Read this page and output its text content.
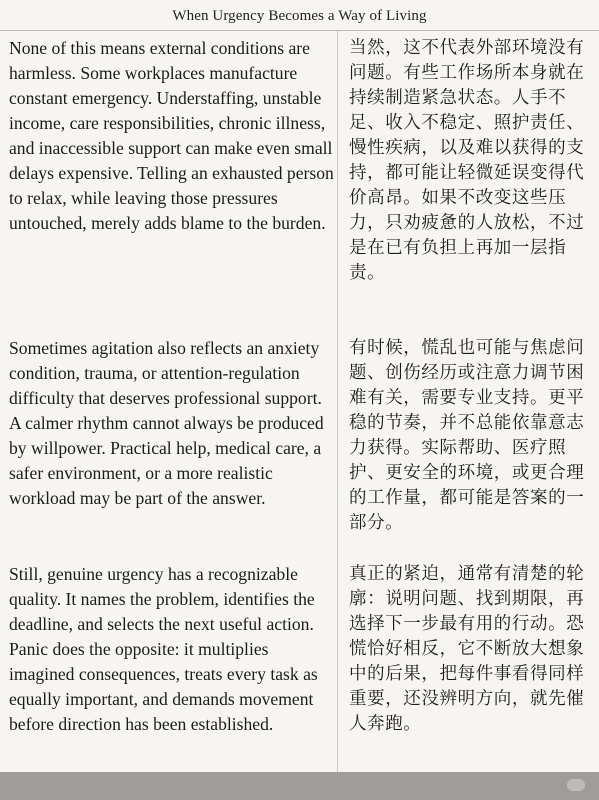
When Urgency Becomes a Way of Living

None of this means external conditions are harmless. Some workplaces manufacture constant emergency. Understaffing, unstable income, care responsibilities, chronic illness, and inaccessible support can make even small delays expensive. Telling an exhausted person to relax, while leaving those pressures untouched, merely adds blame to the burden.

当然，这不代表外部环境没有问题。有些工作场所本身就在持续制造紧急状态。人手不足、收入不稳定、照护责任、慢性疾病，以及难以获得的支持，都可能让轻微延误变得代价高昂。如果不改变这些压力，只劝疲惫的人放松，不过是在已有负担上再加一层指责。

Sometimes agitation also reflects an anxiety condition, trauma, or attention-regulation difficulty that deserves professional support. A calmer rhythm cannot always be produced by willpower. Practical help, medical care, a safer environment, or a more realistic workload may be part of the answer.

有时候，慌乱也可能与焦虑问题、创伤经历或注意力调节困难有关，需要专业支持。更平稳的节奏，并不总能依靠意志力获得。实际帮助、医疗照护、更安全的环境，或更合理的工作量，都可能是答案的一部分。

Still, genuine urgency has a recognizable quality. It names the problem, identifies the deadline, and selects the next useful action. Panic does the opposite: it multiplies imagined consequences, treats every task as equally important, and demands movement before direction has been established.

真正的紧迫，通常有清楚的轮廓：说明问题、找到期限，再选择下一步最有用的行动。恐慌恰好相反，它不断放大想象中的后果，把每件事看得同样重要，还没辨明方向，就先催人奔跑。
